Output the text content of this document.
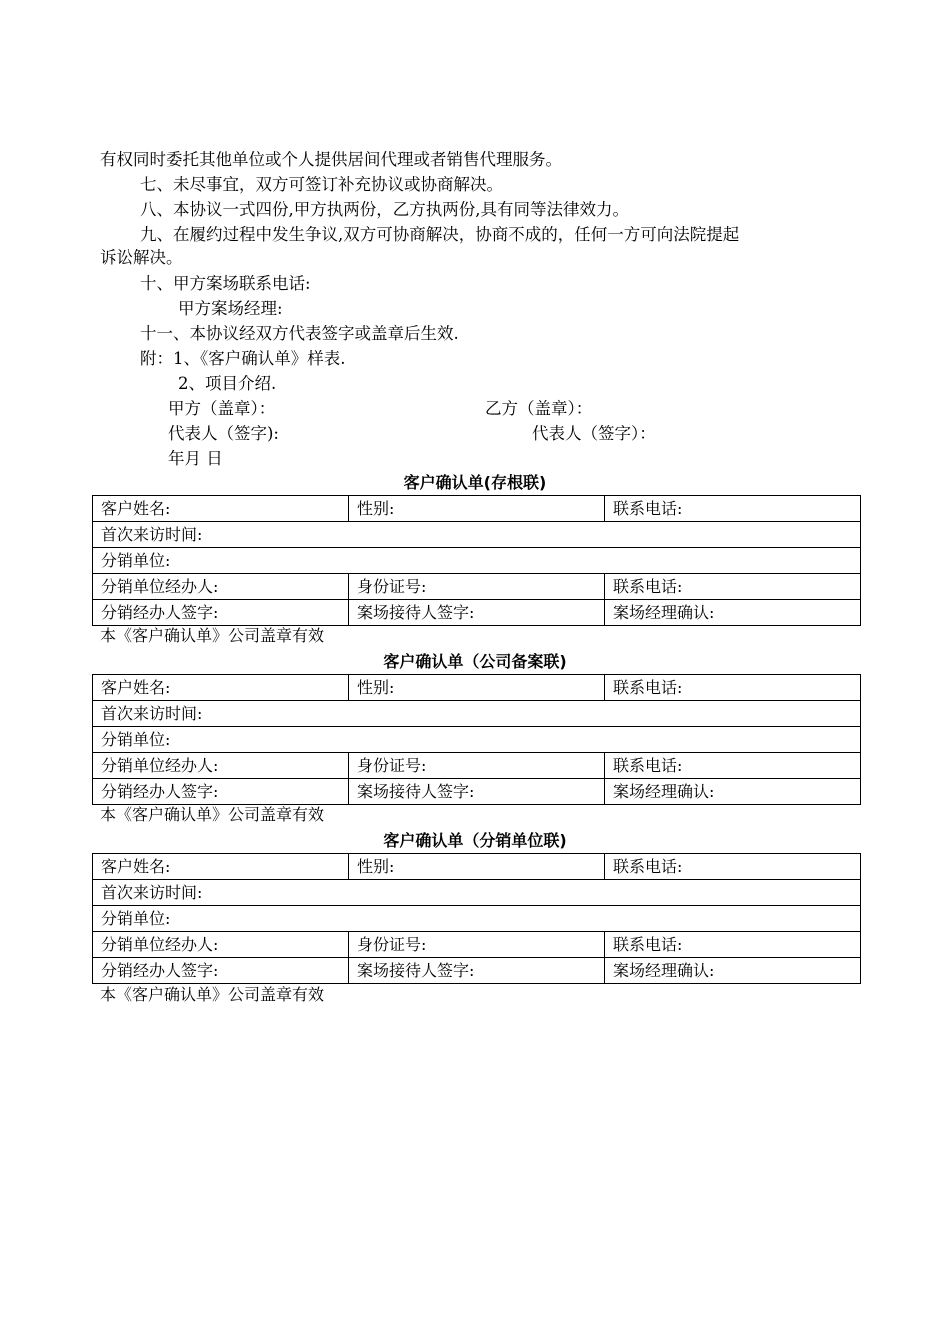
有权同时委托其他单位或个人提供居间代理或者销售代理服务。
七、未尽事宜，双方可签订补充协议或协商解决。
八、本协议一式四份,甲方执两份，乙方执两份,具有同等法律效力。
九、在履约过程中发生争议,双方可协商解决，协商不成的，任何一方可向法院提起
诉讼解决。
十、甲方案场联系电话:
甲方案场经理:
十一、本协议经双方代表签字或盖章后生效.
附：1、《客户确认单》样表.
2、项目介绍.
甲方（盖章）：	乙方（盖章）：
代表人（签字):	代表人（签字）：
年月 日
客户确认单(存根联)
客户姓名:	性别:	联系电话:
首次来访时间:		
分销单位:		
分销单位经办人:	身份证号:	联系电话:
分销经办人签字:	案场接待人签字:	案场经理确认:
本《客户确认单》公司盖章有效
客户确认单（公司备案联)
客户姓名:	性别:	联系电话:
首次来访时间:		
分销单位:		
分销单位经办人:	身份证号:	联系电话:
分销经办人签字:	案场接待人签字:	案场经理确认:
本《客户确认单》公司盖章有效
客户确认单（分销单位联)
客户姓名:	性别:	联系电话:
首次来访时间:		
分销单位:		
分销单位经办人:	身份证号:	联系电话:
分销经办人签字:	案场接待人签字:	案场经理确认:
本《客户确认单》公司盖章有效
